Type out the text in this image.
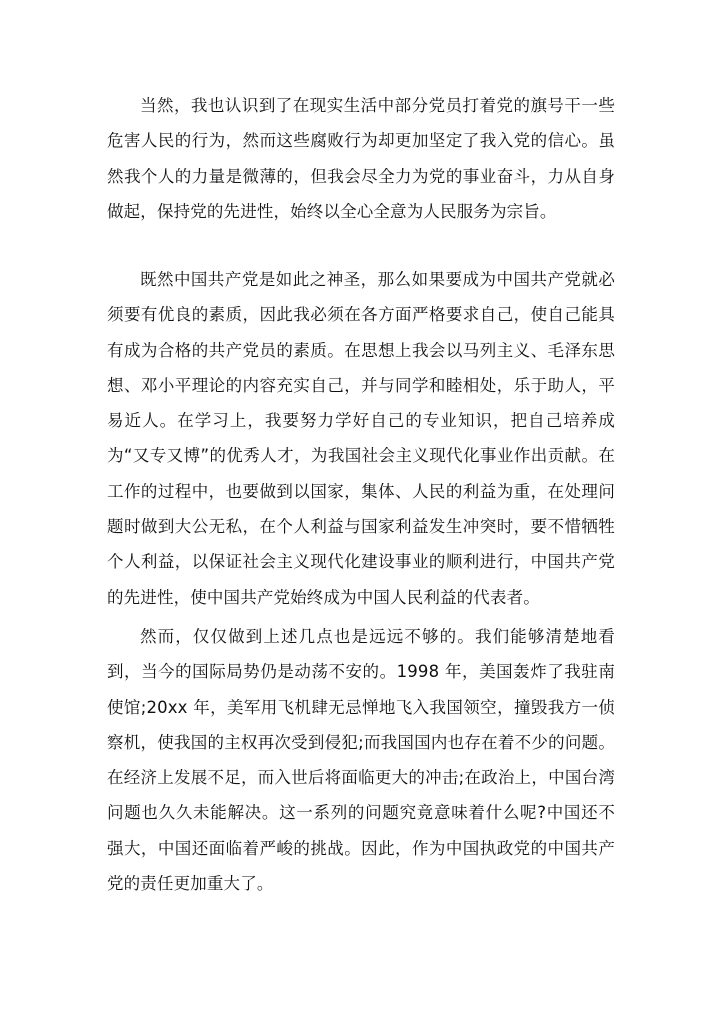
当然，我也认识到了在现实生活中部分党员打着党的旗号干一些危害人民的行为，然而这些腐败行为却更加坚定了我入党的信心。虽然我个人的力量是微薄的，但我会尽全力为党的事业奋斗，力从自身做起，保持党的先进性，始终以全心全意为人民服务为宗旨。

既然中国共产党是如此之神圣，那么如果要成为中国共产党就必须要有优良的素质，因此我必须在各方面严格要求自己，使自己能具有成为合格的共产党员的素质。在思想上我会以马列主义、毛泽东思想、邓小平理论的内容充实自己，并与同学和睦相处，乐于助人，平易近人。在学习上，我要努力学好自己的专业知识，把自己培养成为“又专又博”的优秀人才，为我国社会主义现代化事业作出贡献。在工作的过程中，也要做到以国家，集体、人民的利益为重，在处理问题时做到大公无私，在个人利益与国家利益发生冲突时，要不惜牺牲个人利益，以保证社会主义现代化建设事业的顺利进行，中国共产党的先进性，使中国共产党始终成为中国人民利益的代表者。

然而，仅仅做到上述几点也是远远不够的。我们能够清楚地看到，当今的国际局势仍是动荡不安的。1998 年，美国轰炸了我驻南使馆;20xx 年，美军用飞机肆无忌惮地飞入我国领空，撞毁我方一侦察机，使我国的主权再次受到侵犯;而我国国内也存在着不少的问题。在经济上发展不足，而入世后将面临更大的冲击;在政治上，中国台湾问题也久久未能解决。这一系列的问题究竟意味着什么呢?中国还不强大，中国还面临着严峻的挑战。因此，作为中国执政党的中国共产党的责任更加重大了。
